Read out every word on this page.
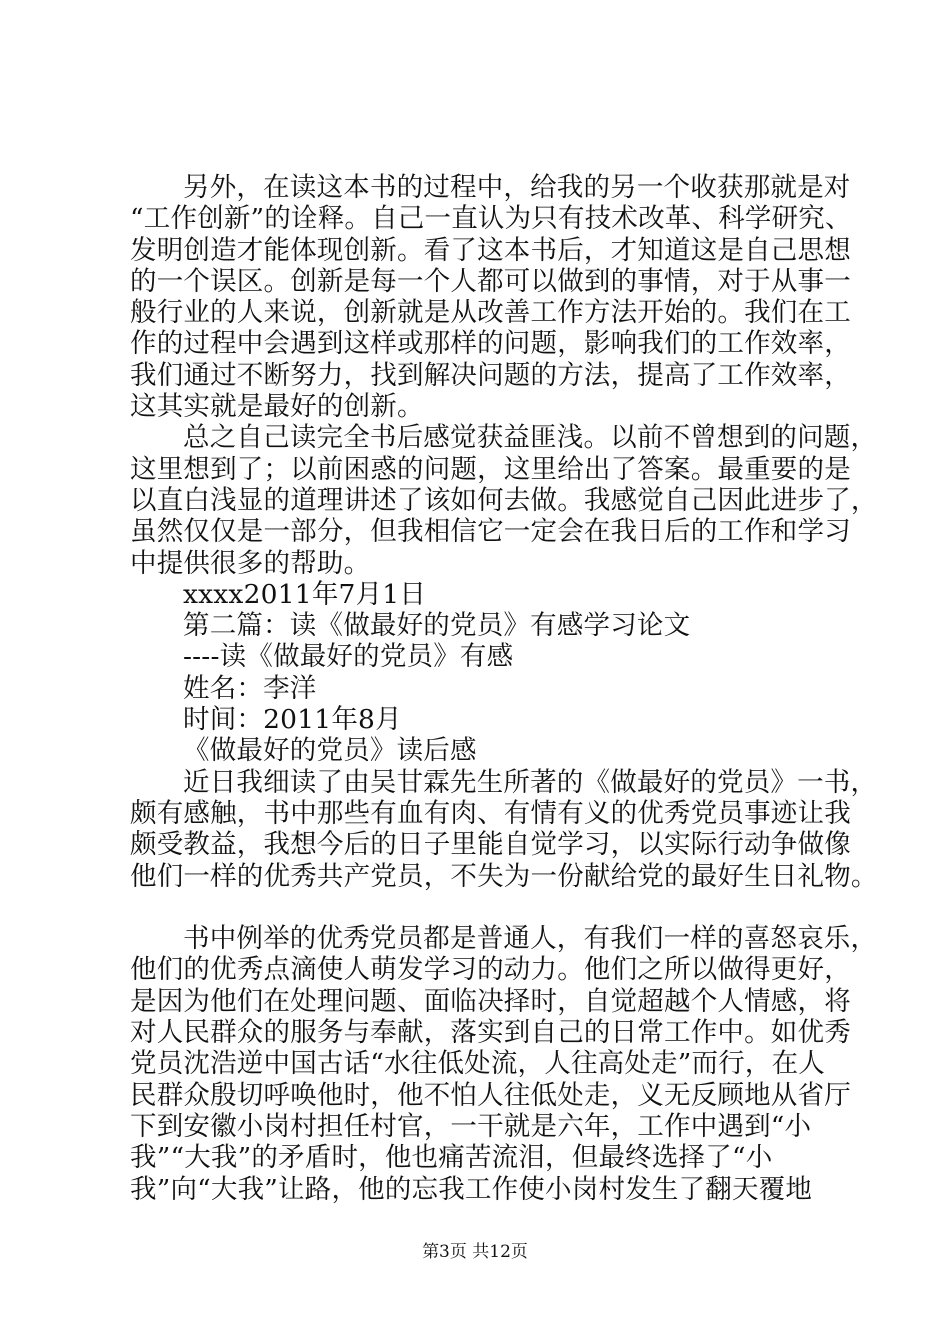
另外，在读这本书的过程中，给我的另一个收获那就是对
“工作创新”的诠释。自己一直认为只有技术改革、科学研究、
发明创造才能体现创新。看了这本书后，才知道这是自己思想
的一个误区。创新是每一个人都可以做到的事情，对于从事一
般行业的人来说，创新就是从改善工作方法开始的。我们在工
作的过程中会遇到这样或那样的问题，影响我们的工作效率，
我们通过不断努力，找到解决问题的方法，提高了工作效率，
这其实就是最好的创新。
总之自己读完全书后感觉获益匪浅。以前不曾想到的问题，
这里想到了；以前困惑的问题，这里给出了答案。最重要的是
以直白浅显的道理讲述了该如何去做。我感觉自己因此进步了，
虽然仅仅是一部分，但我相信它一定会在我日后的工作和学习
中提供很多的帮助。
xxxx2011年7月1日
第二篇：读《做最好的党员》有感学习论文
----读《做最好的党员》有感
姓名：李洋
时间：2011年8月
《做最好的党员》读后感
近日我细读了由吴甘霖先生所著的《做最好的党员》一书，
颇有感触，书中那些有血有肉、有情有义的优秀党员事迹让我
颇受教益，我想今后的日子里能自觉学习，以实际行动争做像
他们一样的优秀共产党员，不失为一份献给党的最好生日礼物。
书中例举的优秀党员都是普通人，有我们一样的喜怒哀乐，
他们的优秀点滴使人萌发学习的动力。他们之所以做得更好，
是因为他们在处理问题、面临决择时，自觉超越个人情感，将
对人民群众的服务与奉献，落实到自己的日常工作中。如优秀
党员沈浩逆中国古话“水往低处流，人往高处走”而行，在人
民群众殷切呼唤他时，他不怕人往低处走，义无反顾地从省厅
下到安徽小岗村担任村官，一干就是六年，工作中遇到“小
我”“大我”的矛盾时，他也痛苦流泪，但最终选择了“小
我”向“大我”让路，他的忘我工作使小岗村发生了翻天覆地
第3页 共12页
